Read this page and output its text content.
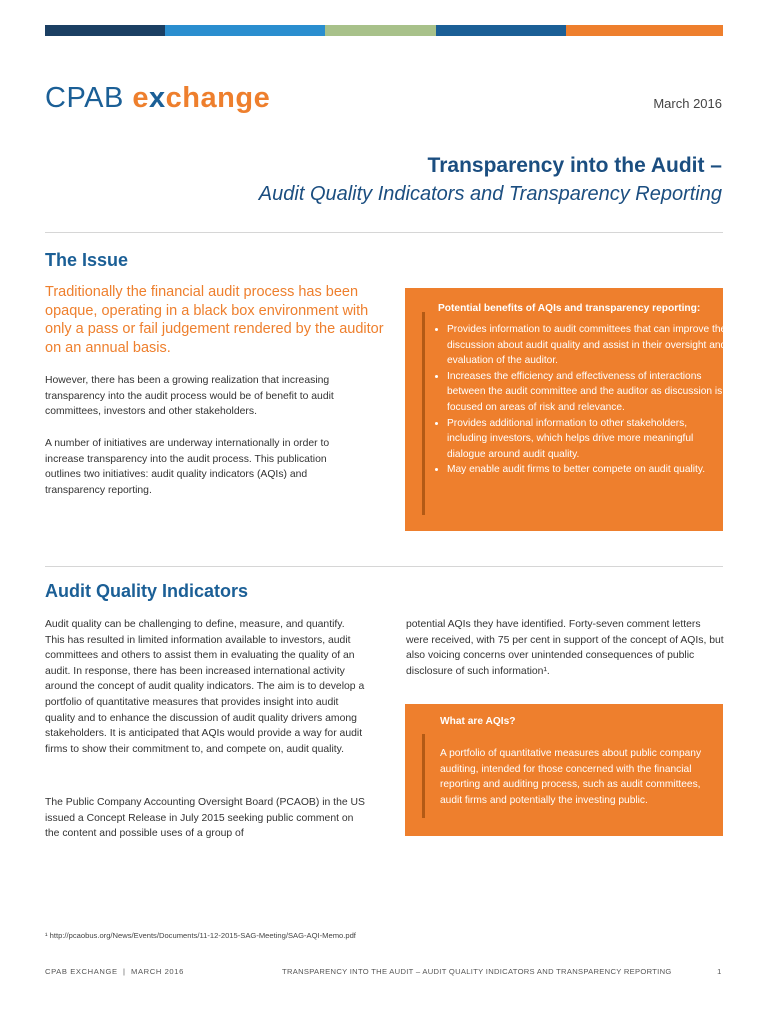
CPAB exchange	March 2016
Transparency into the Audit –
Audit Quality Indicators and Transparency Reporting
The Issue
Traditionally the financial audit process has been opaque, operating in a black box environment with only a pass or fail judgement rendered by the auditor on an annual basis.

However, there has been a growing realization that increasing transparency into the audit process would be of benefit to audit committees, investors and other stakeholders.

A number of initiatives are underway internationally in order to increase transparency into the audit process. This publication outlines two initiatives: audit quality indicators (AQIs) and transparency reporting.

Potential benefits of AQIs and transparency reporting:
• Provides information to audit committees that can improve the discussion about audit quality and assist in their oversight and evaluation of the auditor.
• Increases the efficiency and effectiveness of interactions between the audit committee and the auditor as discussion is focused on areas of risk and relevance.
• Provides additional information to other stakeholders, including investors, which helps drive more meaningful dialogue around audit quality.
• May enable audit firms to better compete on audit quality.
Audit Quality Indicators

Audit quality can be challenging to define, measure, and quantify. This has resulted in limited information available to investors, audit committees and others to assist them in evaluating the quality of an audit. In response, there has been increased international activity around the concept of audit quality indicators. The aim is to develop a portfolio of quantitative measures that provides insight into audit quality and to enhance the discussion of audit quality drivers among stakeholders. It is anticipated that AQIs would provide a way for audit firms to show their commitment to, and compete on, audit quality.

The Public Company Accounting Oversight Board (PCAOB) in the US issued a Concept Release in July 2015 seeking public comment on the content and possible uses of a group of

potential AQIs they have identified. Forty-seven comment letters were received, with 75 per cent in support of the concept of AQIs, but also voicing concerns over unintended consequences of public disclosure of such information¹.

What are AQIs?
A portfolio of quantitative measures about public company auditing, intended for those concerned with the financial reporting and auditing process, such as audit committees, audit firms and potentially the investing public.
¹ http://pcaobus.org/News/Events/Documents/11-12-2015-SAG-Meeting/SAG-AQI-Memo.pdf
CPAB EXCHANGE  |  MARCH 2016	TRANSPARENCY INTO THE AUDIT – AUDIT QUALITY INDICATORS AND TRANSPARENCY REPORTING	1
